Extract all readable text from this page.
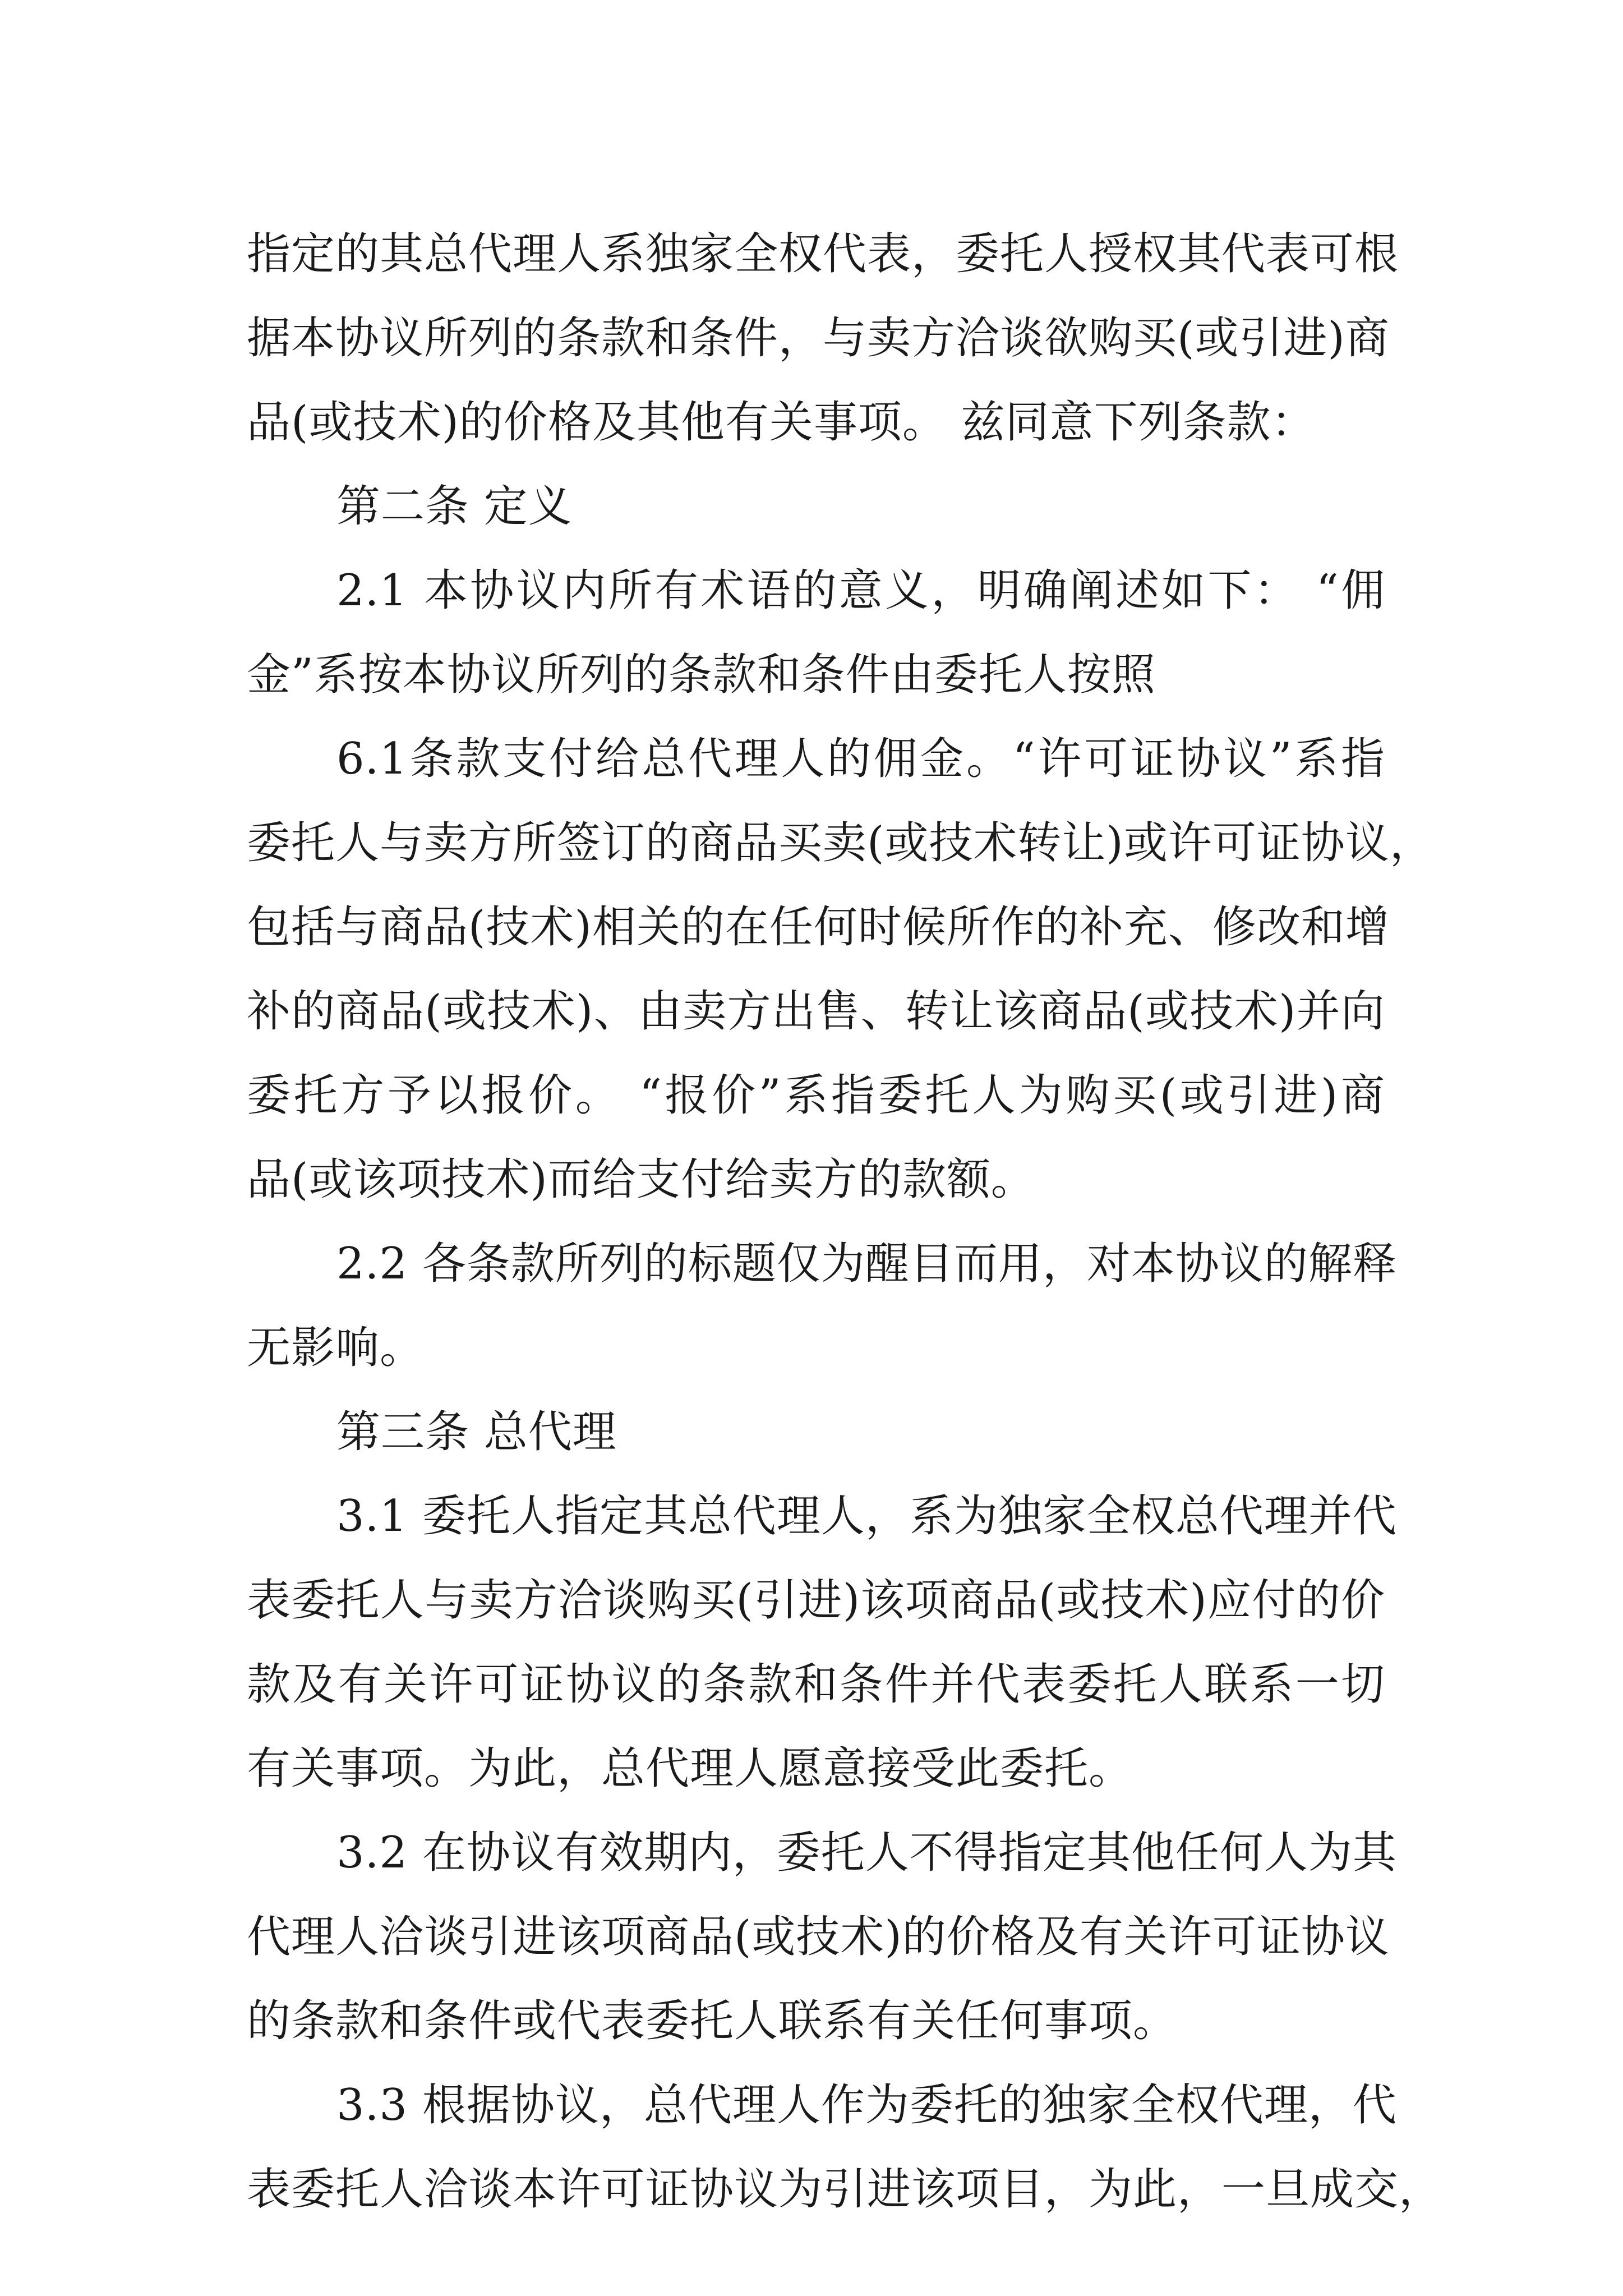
指定的其总代理人系独家全权代表，委托人授权其代表可根
据本协议所列的条款和条件，与卖方洽谈欲购买(或引进)商
品(或技术)的价格及其他有关事项。 兹同意下列条款：
第二条 定义
2.1 本协议内所有术语的意义，明确阐述如下： “佣
金”系按本协议所列的条款和条件由委托人按照
6.1条款支付给总代理人的佣金。“许可证协议”系指
委托人与卖方所签订的商品买卖(或技术转让)或许可证协议，
包括与商品(技术)相关的在任何时候所作的补充、修改和增
补的商品(或技术)、由卖方出售、转让该商品(或技术)并向
委托方予以报价。 “报价”系指委托人为购买(或引进)商
品(或该项技术)而给支付给卖方的款额。
2.2 各条款所列的标题仅为醒目而用，对本协议的解释
无影响。
第三条 总代理
3.1 委托人指定其总代理人，系为独家全权总代理并代
表委托人与卖方洽谈购买(引进)该项商品(或技术)应付的价
款及有关许可证协议的条款和条件并代表委托人联系一切
有关事项。为此，总代理人愿意接受此委托。
3.2 在协议有效期内，委托人不得指定其他任何人为其
代理人洽谈引进该项商品(或技术)的价格及有关许可证协议
的条款和条件或代表委托人联系有关任何事项。
3.3 根据协议，总代理人作为委托的独家全权代理，代
表委托人洽谈本许可证协议为引进该项目，为此，一旦成交，
